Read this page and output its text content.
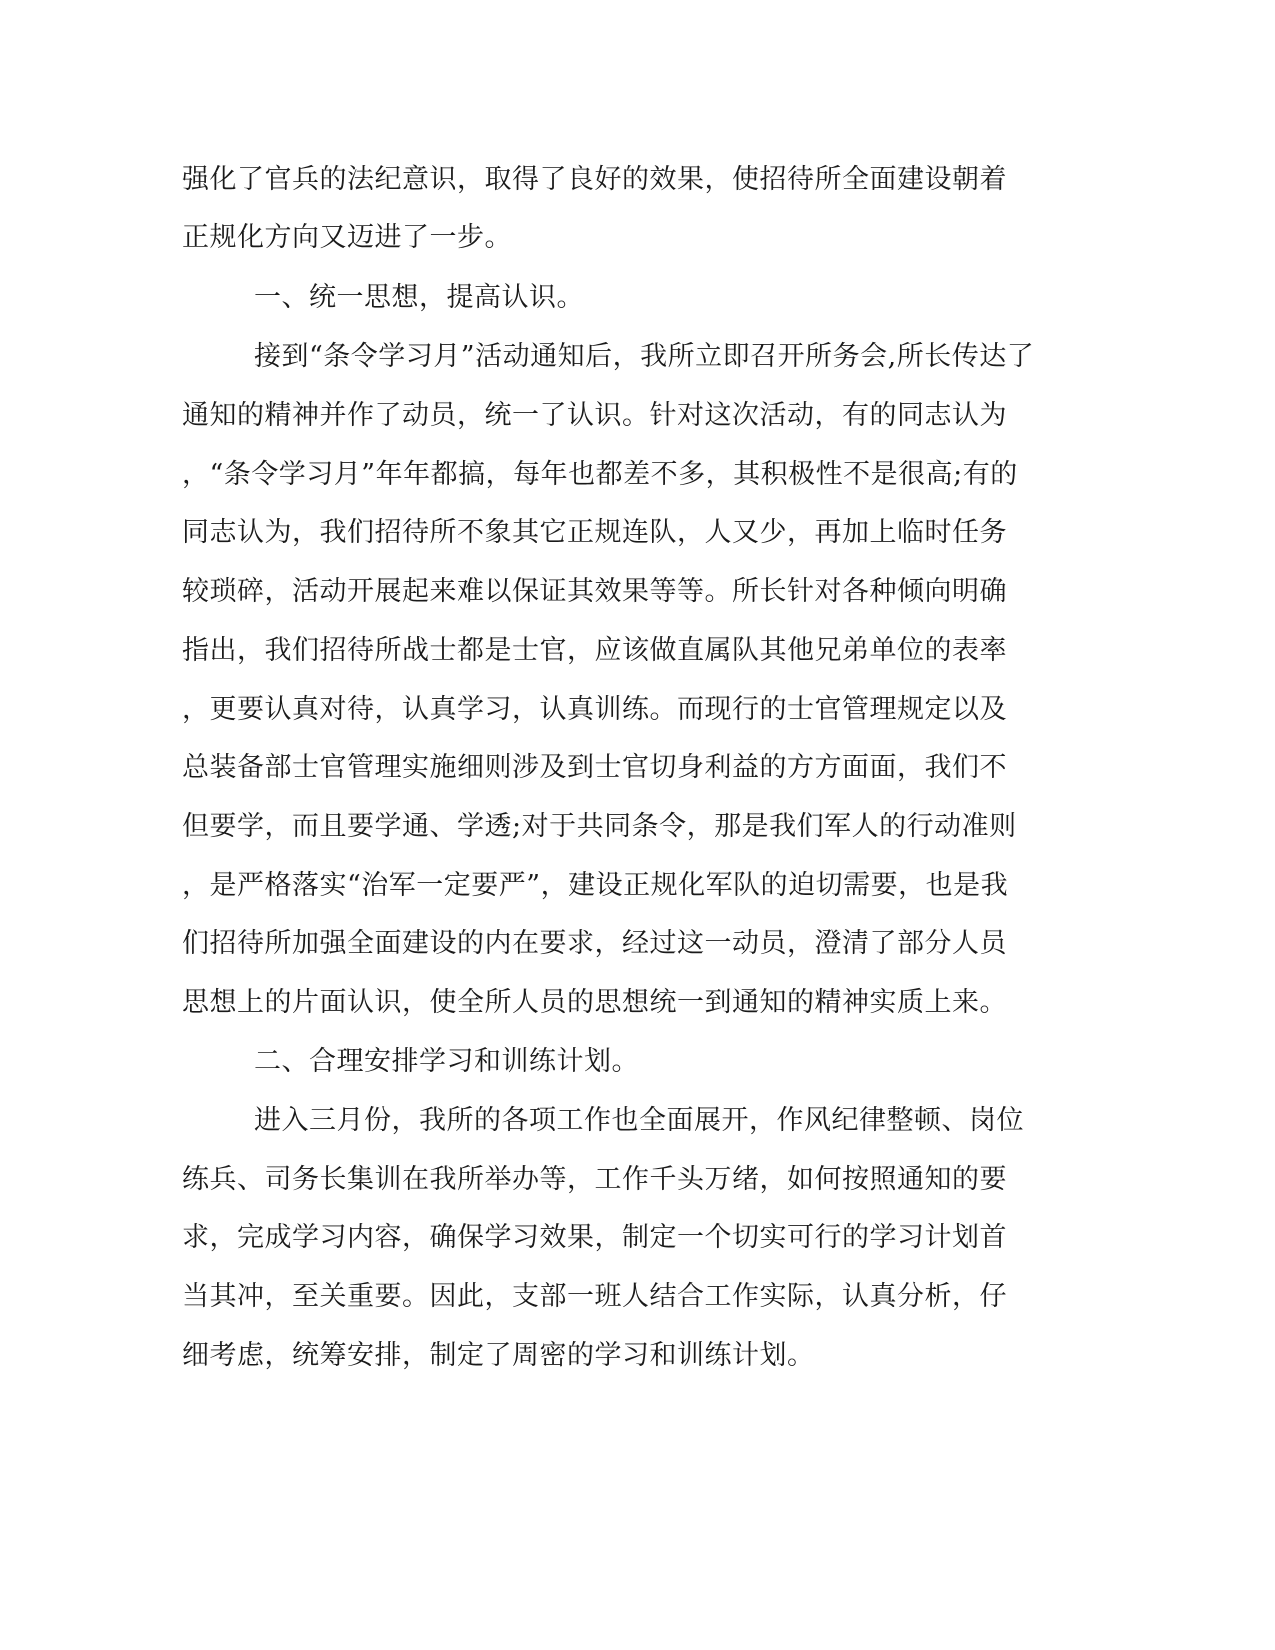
强化了官兵的法纪意识，取得了良好的效果，使招待所全面建设朝着
正规化方向又迈进了一步。
一、统一思想，提高认识。
接到“条令学习月”活动通知后，我所立即召开所务会,所长传达了
通知的精神并作了动员，统一了认识。针对这次活动，有的同志认为
，“条令学习月”年年都搞，每年也都差不多，其积极性不是很高;有的
同志认为，我们招待所不象其它正规连队，人又少，再加上临时任务
较琐碎，活动开展起来难以保证其效果等等。所长针对各种倾向明确
指出，我们招待所战士都是士官，应该做直属队其他兄弟单位的表率
，更要认真对待，认真学习，认真训练。而现行的士官管理规定以及
总装备部士官管理实施细则涉及到士官切身利益的方方面面，我们不
但要学，而且要学通、学透;对于共同条令，那是我们军人的行动准则
，是严格落实“治军一定要严”，建设正规化军队的迫切需要，也是我
们招待所加强全面建设的内在要求，经过这一动员，澄清了部分人员
思想上的片面认识，使全所人员的思想统一到通知的精神实质上来。
二、合理安排学习和训练计划。
进入三月份，我所的各项工作也全面展开，作风纪律整顿、岗位
练兵、司务长集训在我所举办等，工作千头万绪，如何按照通知的要
求，完成学习内容，确保学习效果，制定一个切实可行的学习计划首
当其冲，至关重要。因此，支部一班人结合工作实际，认真分析，仔
细考虑，统筹安排，制定了周密的学习和训练计划。
